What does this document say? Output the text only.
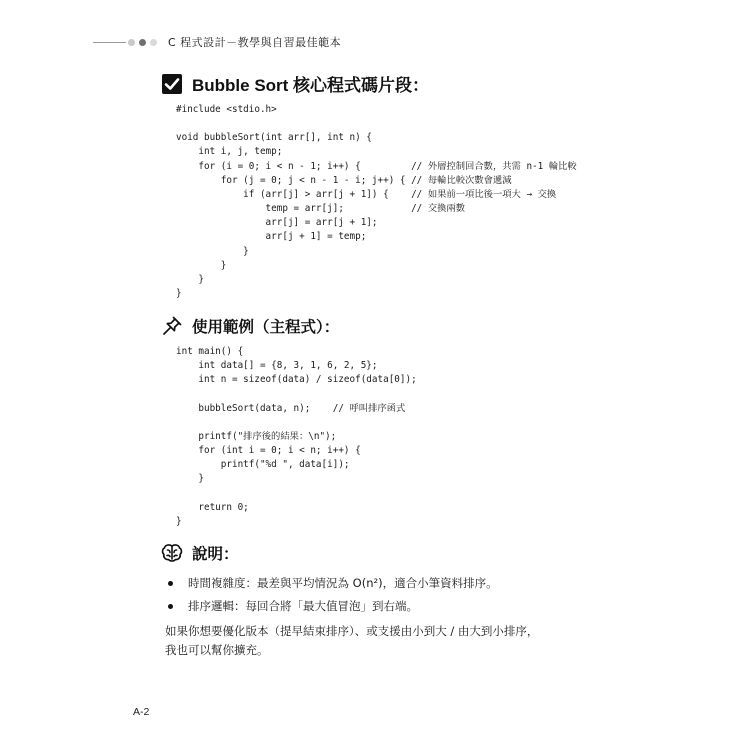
C 程式設計－教學與自習最佳範本
Bubble Sort 核心程式碼片段：
#include <stdio.h>

void bubbleSort(int arr[], int n) {
int i, j, temp;
for (i = 0; i < n - 1; i++) {         // 外層控制回合數，共需 n-1 輪比較
for (j = 0; j < n - 1 - i; j++) { // 每輪比較次數會遞減
if (arr[j] > arr[j + 1]) {    // 如果前一項比後一項大 → 交換
temp = arr[j];            // 交換兩數
arr[j] = arr[j + 1];
arr[j + 1] = temp;
}
}
}
}
使用範例（主程式）：
int main() {
int data[] = {8, 3, 1, 6, 2, 5};
int n = sizeof(data) / sizeof(data[0]);

bubbleSort(data, n);    // 呼叫排序函式

printf("排序後的結果：\n");
for (int i = 0; i < n; i++) {
printf("%d ", data[i]);
}

return 0;
}
說明：
時間複雜度：最差與平均情況為 O(n²)，適合小筆資料排序。
排序邏輯：每回合將「最大值冒泡」到右端。

如果你想要優化版本（提早結束排序）、或支援由小到大 / 由大到小排序，

我也可以幫你擴充。

A-2
